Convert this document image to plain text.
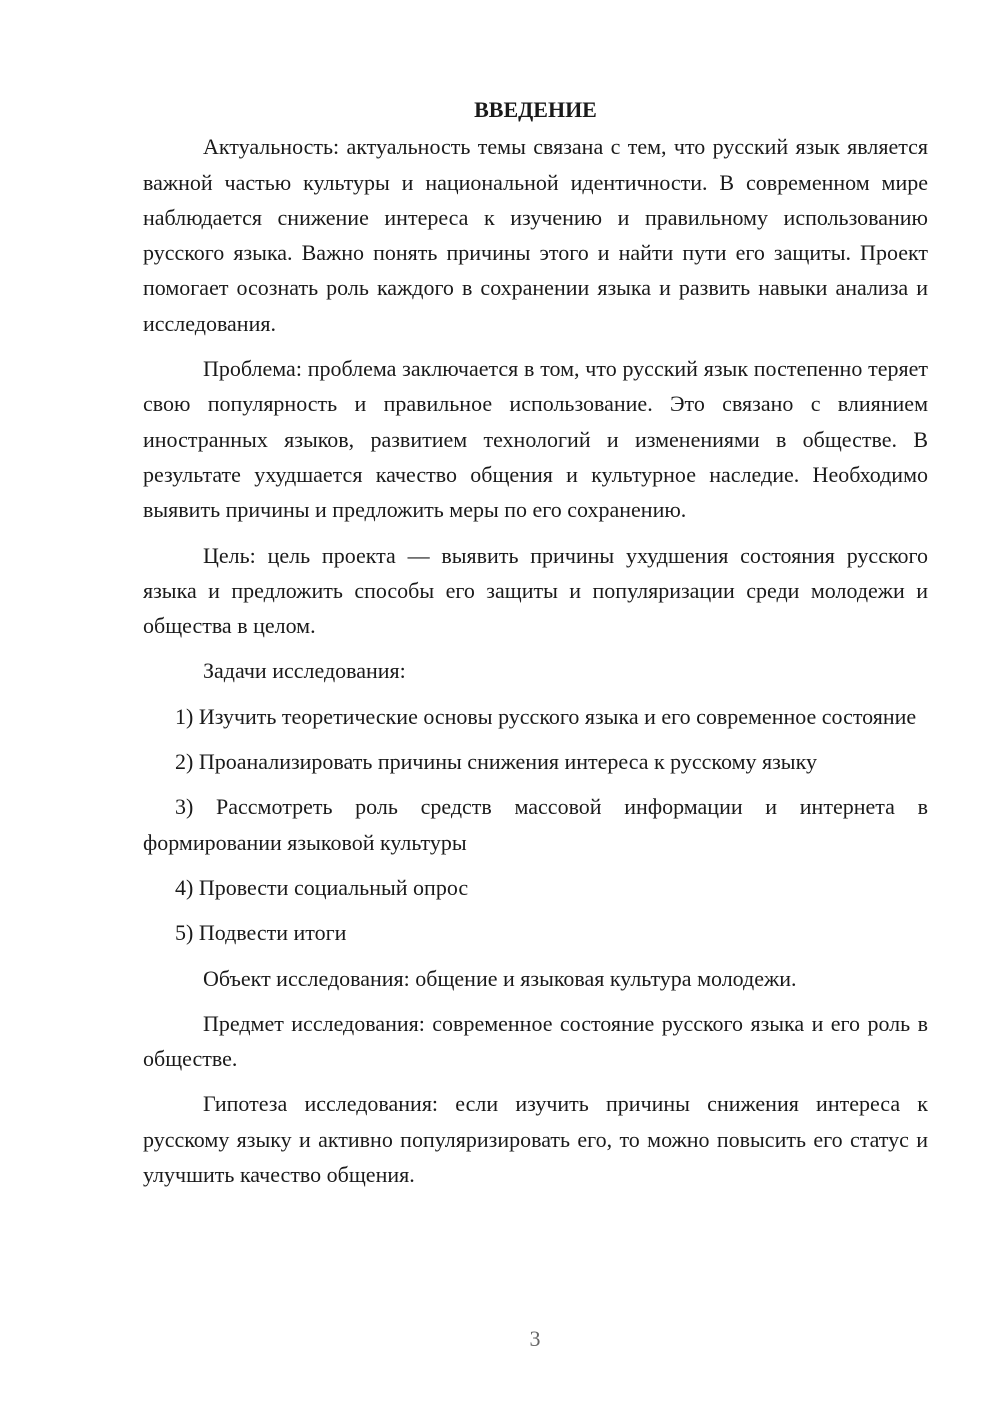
ВВЕДЕНИЕ

Актуальность: актуальность темы связана с тем, что русский язык является важной частью культуры и национальной идентичности. В современном мире наблюдается снижение интереса к изучению и правильному использованию русского языка. Важно понять причины этого и найти пути его защиты. Проект помогает осознать роль каждого в сохранении языка и развить навыки анализа и исследования.

Проблема: проблема заключается в том, что русский язык постепенно теряет свою популярность и правильное использование. Это связано с влиянием иностранных языков, развитием технологий и изменениями в обществе. В результате ухудшается качество общения и культурное наследие. Необходимо выявить причины и предложить меры по его сохранению.

Цель: цель проекта — выявить причины ухудшения состояния русского языка и предложить способы его защиты и популяризации среди молодежи и общества в целом.

Задачи исследования:

1) Изучить теоретические основы русского языка и его современное состояние

2) Проанализировать причины снижения интереса к русскому языку

3) Рассмотреть роль средств массовой информации и интернета в формировании языковой культуры

4) Провести социальный опрос

5) Подвести итоги

Объект исследования: общение и языковая культура молодежи.

Предмет исследования: современное состояние русского языка и его роль в обществе.

Гипотеза исследования: если изучить причины снижения интереса к русскому языку и активно популяризировать его, то можно повысить его статус и улучшить качество общения.

3
